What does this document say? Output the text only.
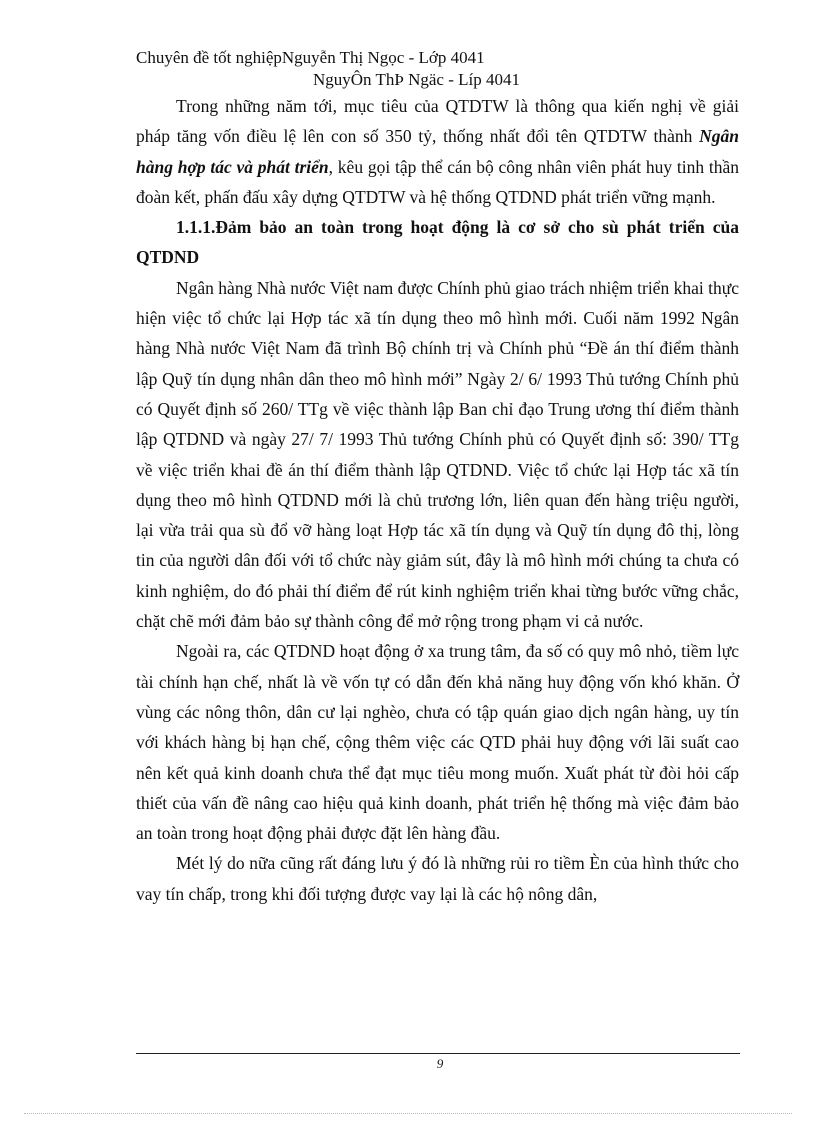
Chuyên đề tốt nghiệpNguyễn Thị Ngọc - Lớp 4041
NguyÔn ThÞ Ngäc - Líp 4041

Trong những năm tới, mục tiêu của QTDTW là thông qua kiến nghị về giải pháp tăng vốn điều lệ lên con số 350 tỷ, thống nhất đổi tên QTDTW thành Ngân hàng hợp tác và phát triển, kêu gọi tập thể cán bộ công nhân viên phát huy tinh thần đoàn kết, phấn đấu xây dựng QTDTW và hệ thống QTDND phát triển vững mạnh.

1.1.1.Đảm bảo an toàn trong hoạt động là cơ sở cho sù phát triển của QTDND

Ngân hàng Nhà nước Việt nam được Chính phủ giao trách nhiệm triển khai thực hiện việc tổ chức lại Hợp tác xã tín dụng theo mô hình mới. Cuối năm 1992 Ngân hàng Nhà nước Việt Nam đã trình Bộ chính trị và Chính phủ “Đề án thí điểm thành lập Quỹ tín dụng nhân dân theo mô hình mới” Ngày 2/ 6/ 1993 Thủ tướng Chính phủ có Quyết định số 260/ TTg về việc thành lập Ban chỉ đạo Trung ương thí điểm thành lập QTDND và ngày 27/ 7/ 1993 Thủ tướng Chính phủ có Quyết định số: 390/ TTg về việc triển khai đề án thí điểm thành lập QTDND. Việc tổ chức lại Hợp tác xã tín dụng theo mô hình QTDND mới là chủ trương lớn, liên quan đến hàng triệu người, lại vừa trải qua sù đổ vỡ hàng loạt Hợp tác xã tín dụng và Quỹ tín dụng đô thị, lòng tin của người dân đối với tổ chức này giảm sút, đây là mô hình mới chúng ta chưa có kinh nghiệm, do đó phải thí điểm để rút kinh nghiệm triển khai từng bước vững chắc, chặt chẽ mới đảm bảo sự thành công để mở rộng trong phạm vi cả nước.

Ngoài ra, các QTDND hoạt động ở xa trung tâm, đa số có quy mô nhỏ, tiềm lực tài chính hạn chế, nhất là về vốn tự có dẫn đến khả năng huy động vốn khó khăn. Ở vùng các nông thôn, dân cư lại nghèo, chưa có tập quán giao dịch ngân hàng, uy tín với khách hàng bị hạn chế, cộng thêm việc các QTD phải huy động với lãi suất cao nên kết quả kinh doanh chưa thể đạt mục tiêu mong muốn. Xuất phát từ đòi hỏi cấp thiết của vấn đề nâng cao hiệu quả kinh doanh, phát triển hệ thống mà việc đảm bảo an toàn trong hoạt động phải được đặt lên hàng đầu.

Mét lý do nữa cũng rất đáng lưu ý đó là những rủi ro tiềm Èn của hình thức cho vay tín chấp, trong khi đối tượng được vay lại là các hộ nông dân,

9
